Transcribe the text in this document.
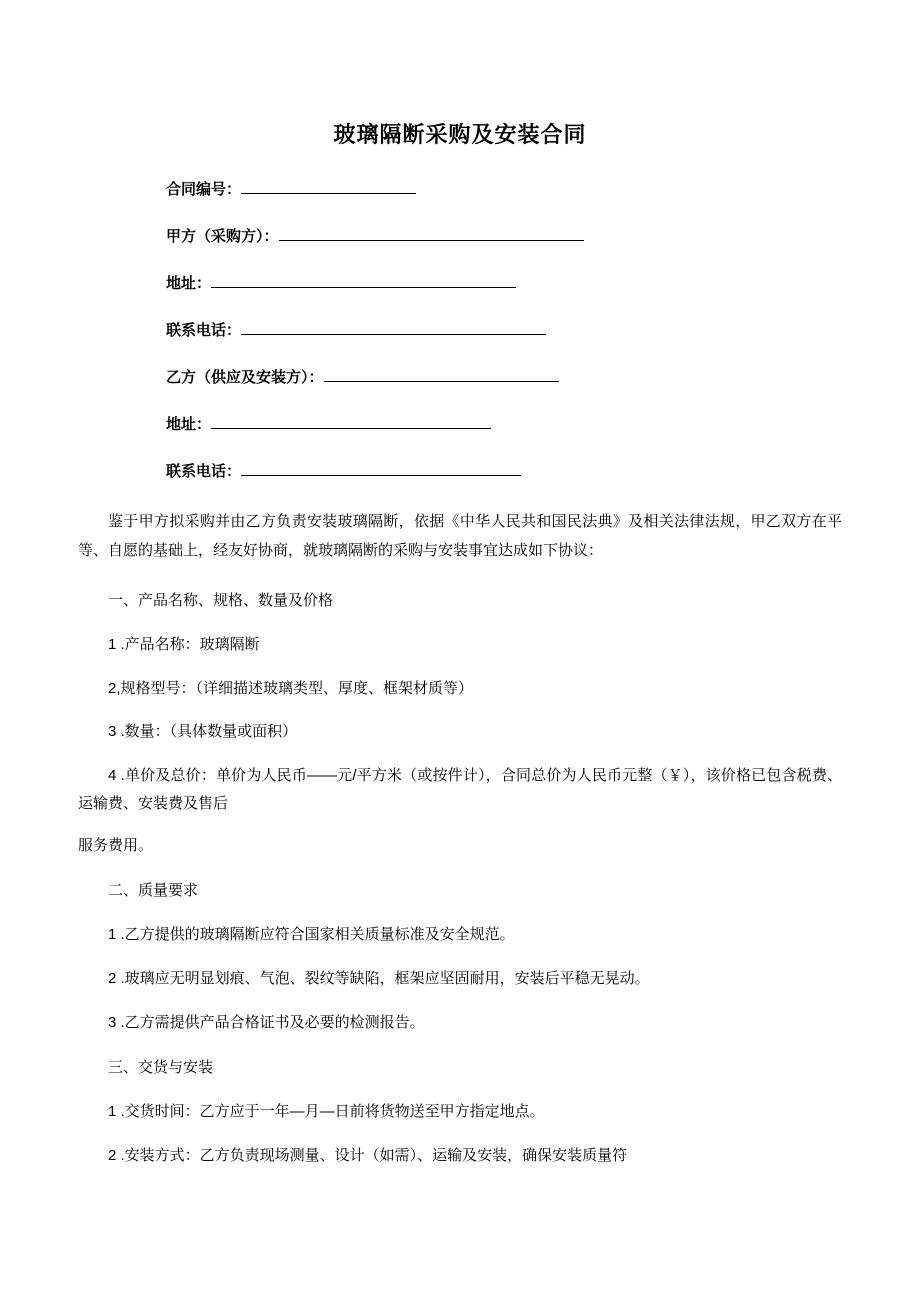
玻璃隔断采购及安装合同
合同编号：
甲方（采购方）：
地址：
联系电话：
乙方（供应及安装方）：
地址：
联系电话：
鉴于甲方拟采购并由乙方负责安装玻璃隔断，依据《中华人民共和国民法典》及相关法律法规，甲乙双方在平等、自愿的基础上，经友好协商，就玻璃隔断的采购与安装事宜达成如下协议：
一、产品名称、规格、数量及价格
1 .产品名称：玻璃隔断
2,规格型号：（详细描述玻璃类型、厚度、框架材质等）
3 .数量：（具体数量或面积）
4 .单价及总价：单价为人民币——元/平方米（或按件计），合同总价为人民币元整（￥），该价格已包含税费、运输费、安装费及售后
服务费用。
二、质量要求
1 .乙方提供的玻璃隔断应符合国家相关质量标准及安全规范。
2 .玻璃应无明显划痕、气泡、裂纹等缺陷，框架应坚固耐用，安装后平稳无晃动。
3 .乙方需提供产品合格证书及必要的检测报告。
三、交货与安装
1 .交货时间：乙方应于一年—月—日前将货物送至甲方指定地点。
2 .安装方式：乙方负责现场测量、设计（如需）、运输及安装，确保安装质量符
